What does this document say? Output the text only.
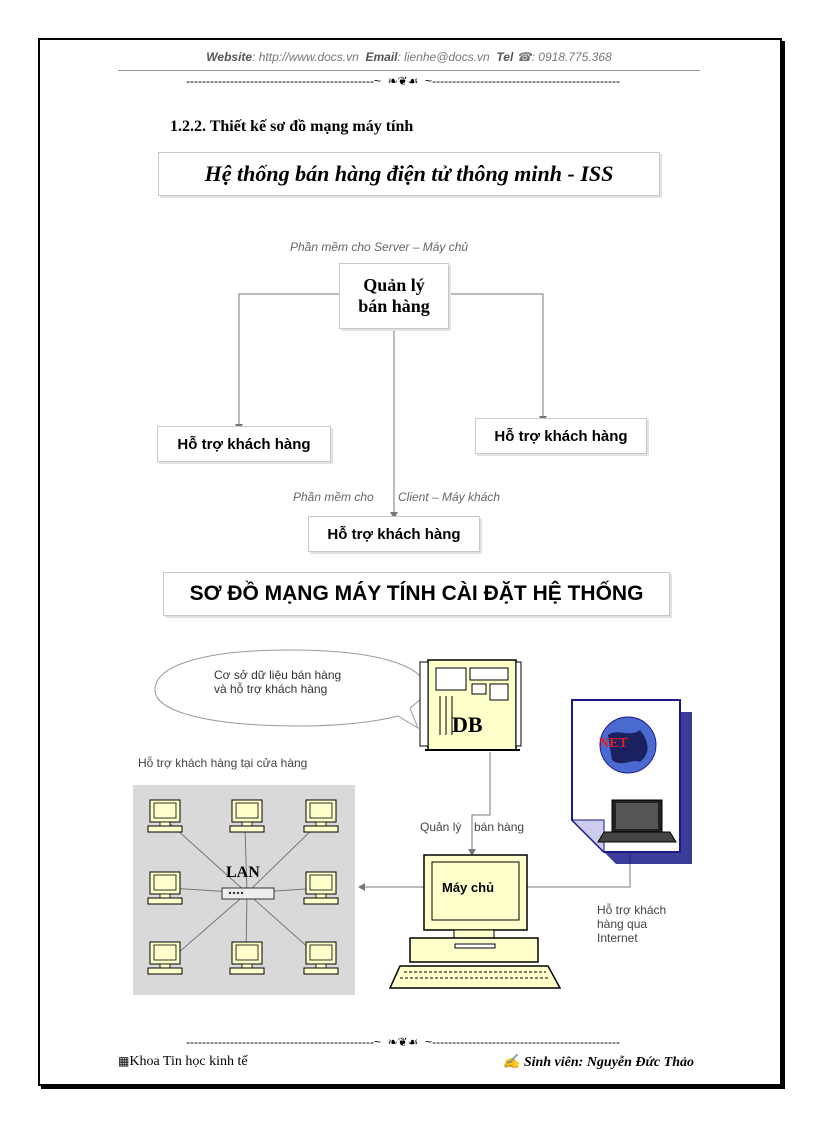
Website: http://www.docs.vn Email: lienhe@docs.vn Tel ☎: 0918.775.368
-----------------------------------------------~ ❧❦☙ ~-----------------------------------------------
1.2.2. Thiết kế sơ đồ mạng máy tính
Hệ thống bán hàng điện tử thông minh - ISS
Phần mềm cho Server – Máy chủ
Quản lý
bán hàng
Hỗ trợ khách hàng	Hỗ trợ khách hàng
Phần mềm cho Client – Máy khách
Hỗ trợ khách hàng
SƠ ĐỒ MẠNG MÁY TÍNH CÀI ĐẶT HỆ THỐNG
Cơ sở dữ liệu bán hàng
và hỗ trợ khách hàng
DB
Hỗ trợ khách hàng tại cửa hàng
LAN
Quản lý bán hàng
Máy chủ
NET
Hỗ trợ khách
hàng qua
Internet
-----------------------------------------------~ ❧❦☙ ~-----------------------------------------------
▦Khoa Tin học kinh tế	✍ Sinh viên: Nguyễn Đức Thảo
